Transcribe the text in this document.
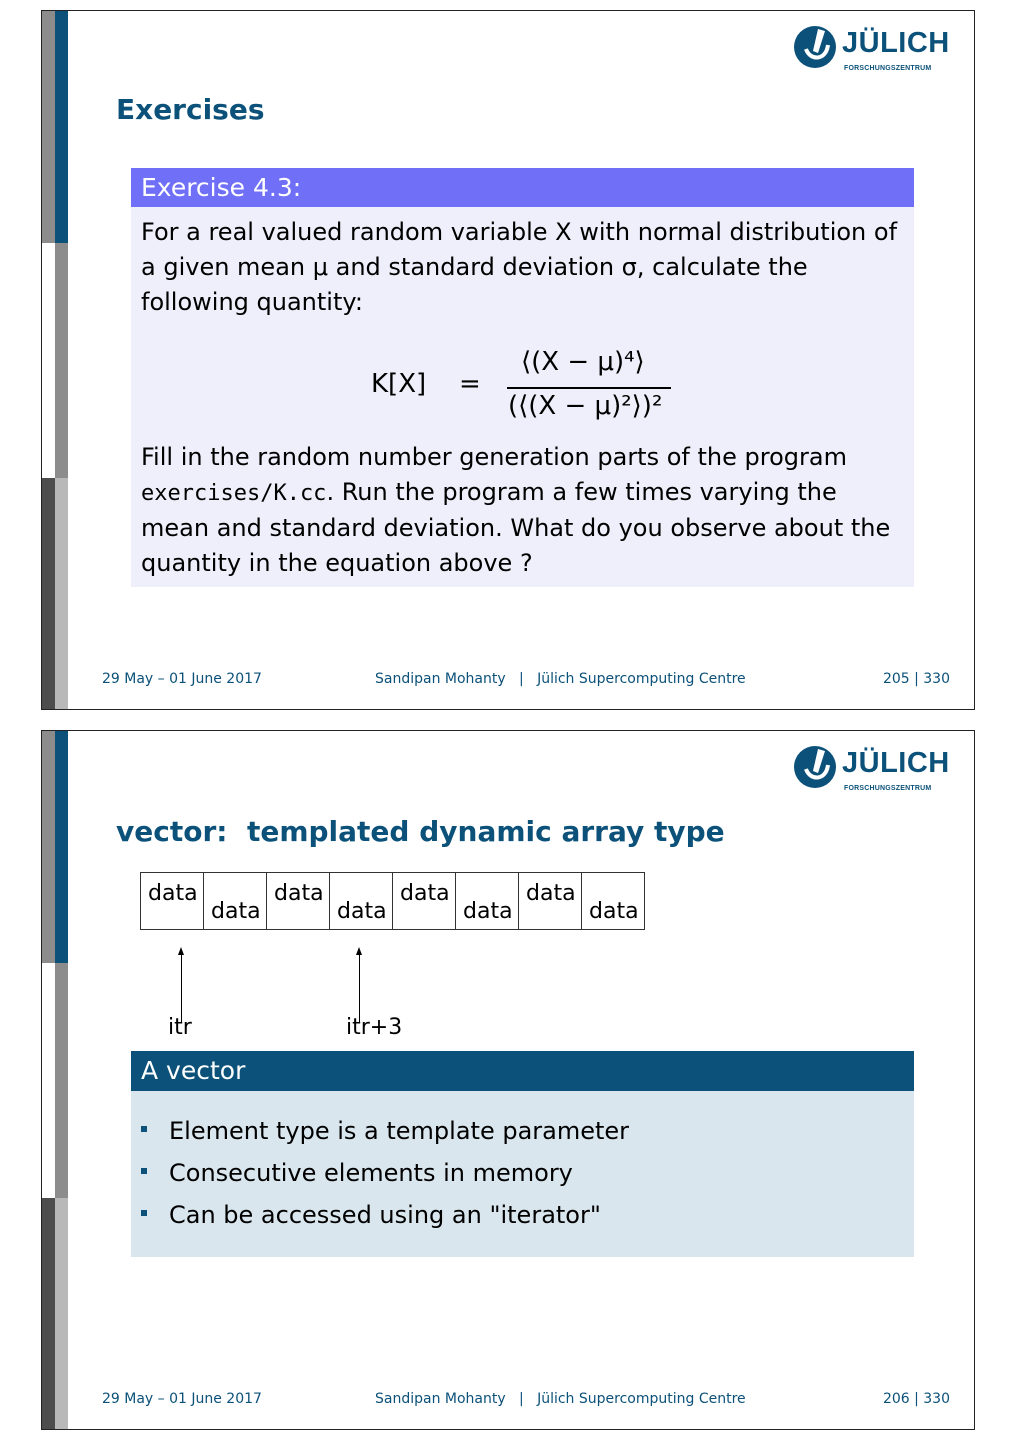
JÜLICH
FORSCHUNGSZENTRUM
Exercises
Exercise 4.3:
For a real valued random variable X with normal distribution of a given mean μ and standard deviation σ, calculate the following quantity:
K[X] =
⟨(X − μ)⁴⟩
(⟨(X − μ)²⟩)²
Fill in the random number generation parts of the program exercises/K.cc. Run the program a few times varying the mean and standard deviation. What do you observe about the quantity in the equation above ?
29 May – 01 June 2017	Sandipan Mohanty   |   Jülich Supercomputing Centre	205 | 330
JÜLICH
FORSCHUNGSZENTRUM
vector:  templated dynamic array type
data
data
data
data
data
data
data
data
itr	itr+3
A vector
Element type is a template parameter
Consecutive elements in memory
Can be accessed using an "iterator"
29 May – 01 June 2017	Sandipan Mohanty   |   Jülich Supercomputing Centre	206 | 330
